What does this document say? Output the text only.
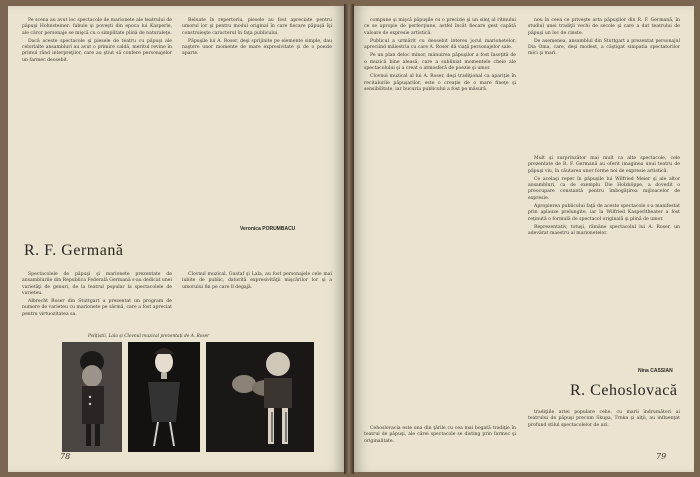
Pe scena au avut loc spectacole de marionete ale teatrului de păpuşi Hohnsteiner: fabule şi poveşti din epoca lui Kasperle, ale căror personaje se mişcă cu o simplitate plină de naturaleţe.

Dacă aceste spectacole şi piesele de teatru cu păpuşi ale celorlalte ansambluri au avut o primire caldă, meritul revine în primul rând interpreţilor, care au ştiut să confere personajelor un farmec deosebit.

Reluate în repertoriu, piesele au fost apreciate pentru umorul lor şi pentru modul original în care fiecare păpuşă îşi construieşte caracterul în faţa publicului.

Păpuşile lui A. Roser, deşi sprijinite pe elemente simple, dau naştere unor momente de mare expresivitate şi de o poezie aparte.

Veronica PORUMBACU
R. F. Germană

Spectacolele de păpuşi şi marionete prezentate de ansamblurile din Republica Federală Germană s-au dedicat unei varietăţi de genuri, de la teatrul popular la spectacolele de varieteu.

Albrecht Roser din Stuttgart a prezentat un program de numere de varieteu cu marionete pe sârmă, care a fost apreciat pentru virtuozitatea sa.

Clovnul muzical, Gustaf şi Lala, au fost personajele cele mai iubite de public, datorită expresivităţii mişcărilor lor şi a umorului fin pe care îl degajă.

Polițiștii, Lala și Clovnul muzical prezentați de A. Roser
78

compune şi mişcă păpuşile cu o precizie şi un simţ al ritmului ce se apropie de perfecţiune, astfel încât fiecare gest capătă valoare de expresie artistică.

Publicul a urmărit cu deosebit interes jocul marionetelor, apreciind măiestria cu care A. Roser dă viaţă personajelor sale.

Pe un plan deloc minor, mânuirea păpuşilor a fost însoţită de o muzică bine aleasă, care a subliniat momentele cheie ale spectacolului şi a creat o atmosferă de poezie şi umor.

Clovnul muzical al lui A. Roser, deşi tradiţional ca apariţie în recitalurile păpuşarilor, este o creaţie de o mare fineţe şi sensibilitate, iar bucuria publicului a fost pe măsură.

nou în ceea ce priveşte arta păpuşilor din R. F. Germană, în studiul unei tradiţii vechi de secole şi care a dat teatrului de păpuşi un loc de cinste.

De asemenea, ansamblul din Stuttgart a prezentat personajul Dia Oma, care, deşi modest, a câştigat simpatia spectatorilor mici şi mari.

Mult şi surprinzător mai mult ca alte spectacole, cele prezentate de R. F. Germană au oferit imaginea unui teatru de păpuşi viu, în căutarea unor forme noi de expresie artistică.

Ce acelaşi reper în păpuşile lui Wilfried Meier şi ale altor ansambluri, ca de exemplu Die Holzköppe, a dovedit o preocupare constantă pentru îmbogăţirea mijloacelor de expresie.

Apropierea publicului faţă de aceste spectacole s-a manifestat prin aplauze prelungite, iar la Wilfried Kasperltheater a fost reţinută o formulă de spectacol originală şi plină de umor.

Reprezentativ, totuşi, rămâne spectacolul lui A. Roser, un adevărat maestru al marionetelor.

Nina CASSIAN
R. Cehoslovacă

Cehoslovacia este una din ţările cu cea mai bogată tradiţie în teatrul de păpuşi, ale cărei spectacole se disting prin farmec şi originalitate.

tradiţiile artei populare cehe, cu marii îndrumători ai teatrului de păpuşi precum Skupa, Trnka şi alţii, au influenţat profund stilul spectacolelor de azi.

79
